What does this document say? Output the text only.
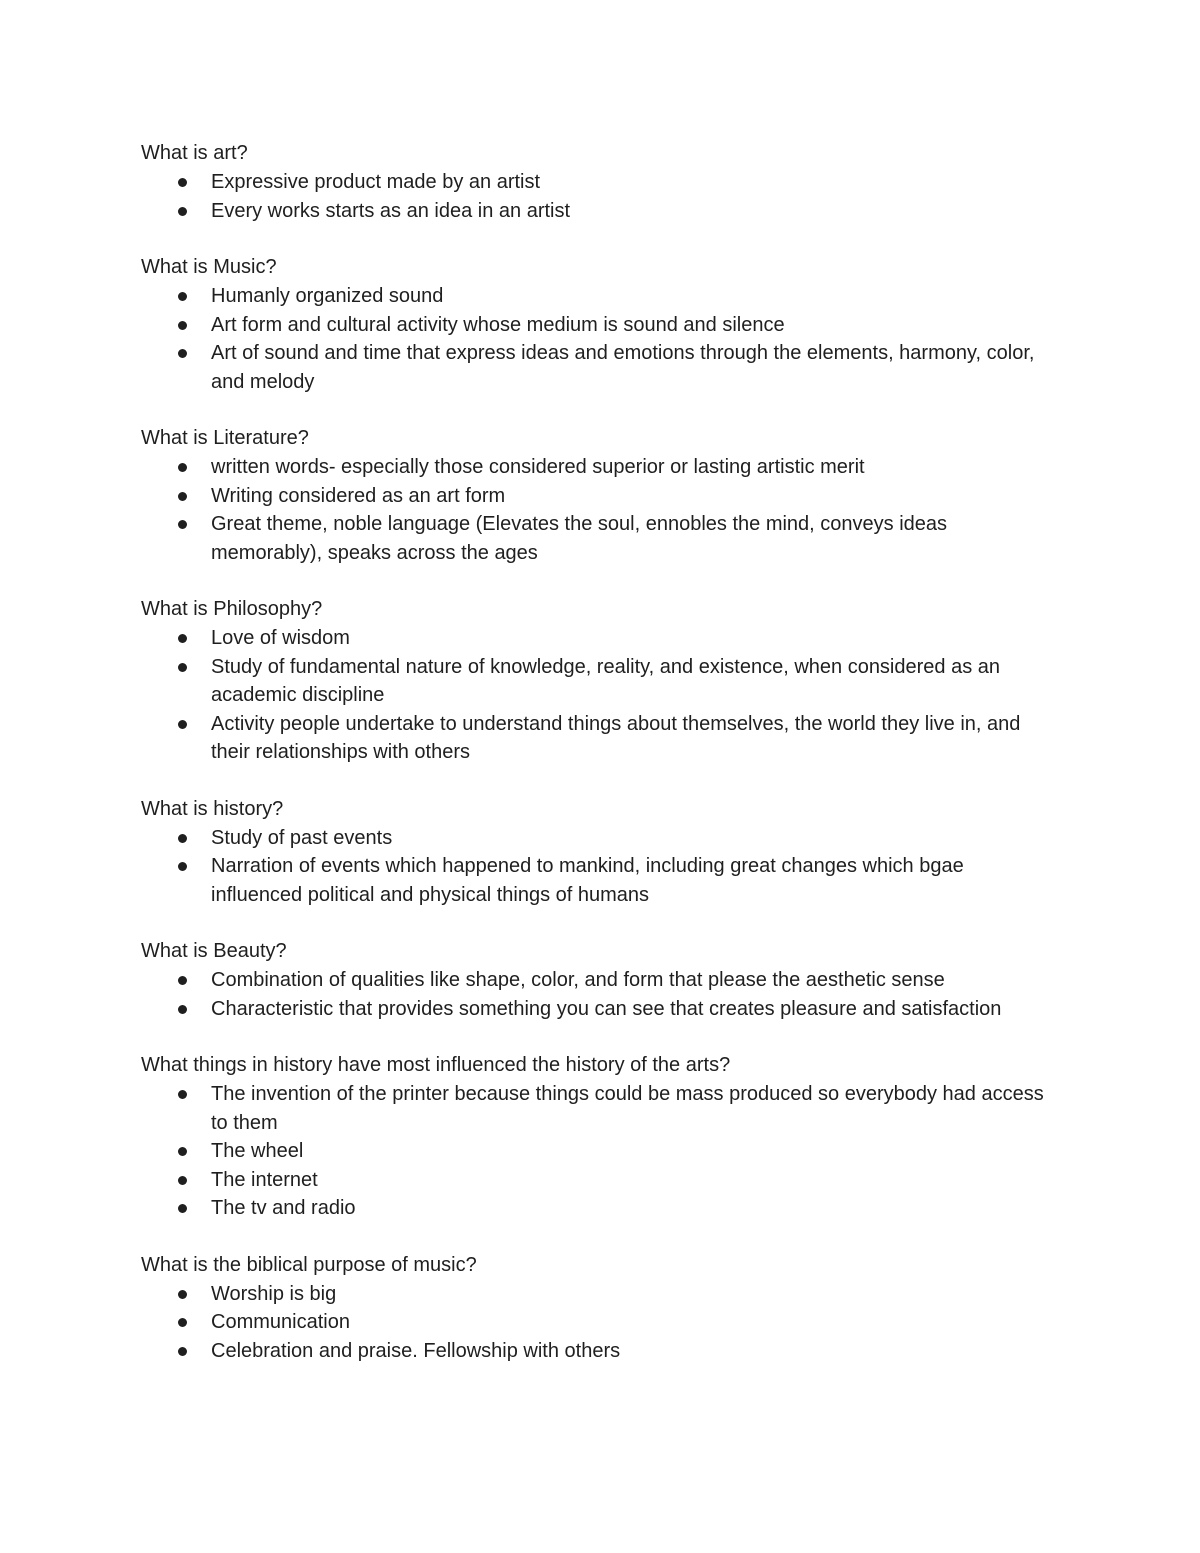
What is art?

Expressive product made by an artist
Every works starts as an idea in an artist

What is Music?

Humanly organized sound
Art form and cultural activity whose medium is sound and silence
Art of sound and time that express ideas and emotions through the elements, harmony, color, and melody

What is Literature?

written words- especially those considered superior or lasting artistic merit
Writing considered as an art form
Great theme, noble language (Elevates the soul, ennobles the mind, conveys ideas memorably), speaks across the ages

What is Philosophy?

Love of wisdom
Study of fundamental nature of knowledge, reality, and existence, when considered as an academic discipline
Activity people undertake to understand things about themselves, the world they live in, and their relationships with others

What is history?

Study of past events
Narration of events which happened to mankind, including great changes which bgae influenced political and physical things of humans

What is Beauty?

Combination of qualities like shape, color, and form that please the aesthetic sense
Characteristic that provides something you can see that creates pleasure and satisfaction

What things in history have most influenced the history of the arts?

The invention of the printer because things could be mass produced so everybody had access to them
The wheel
The internet
The tv and radio

What is the biblical purpose of music?

Worship is big
Communication
Celebration and praise. Fellowship with others
